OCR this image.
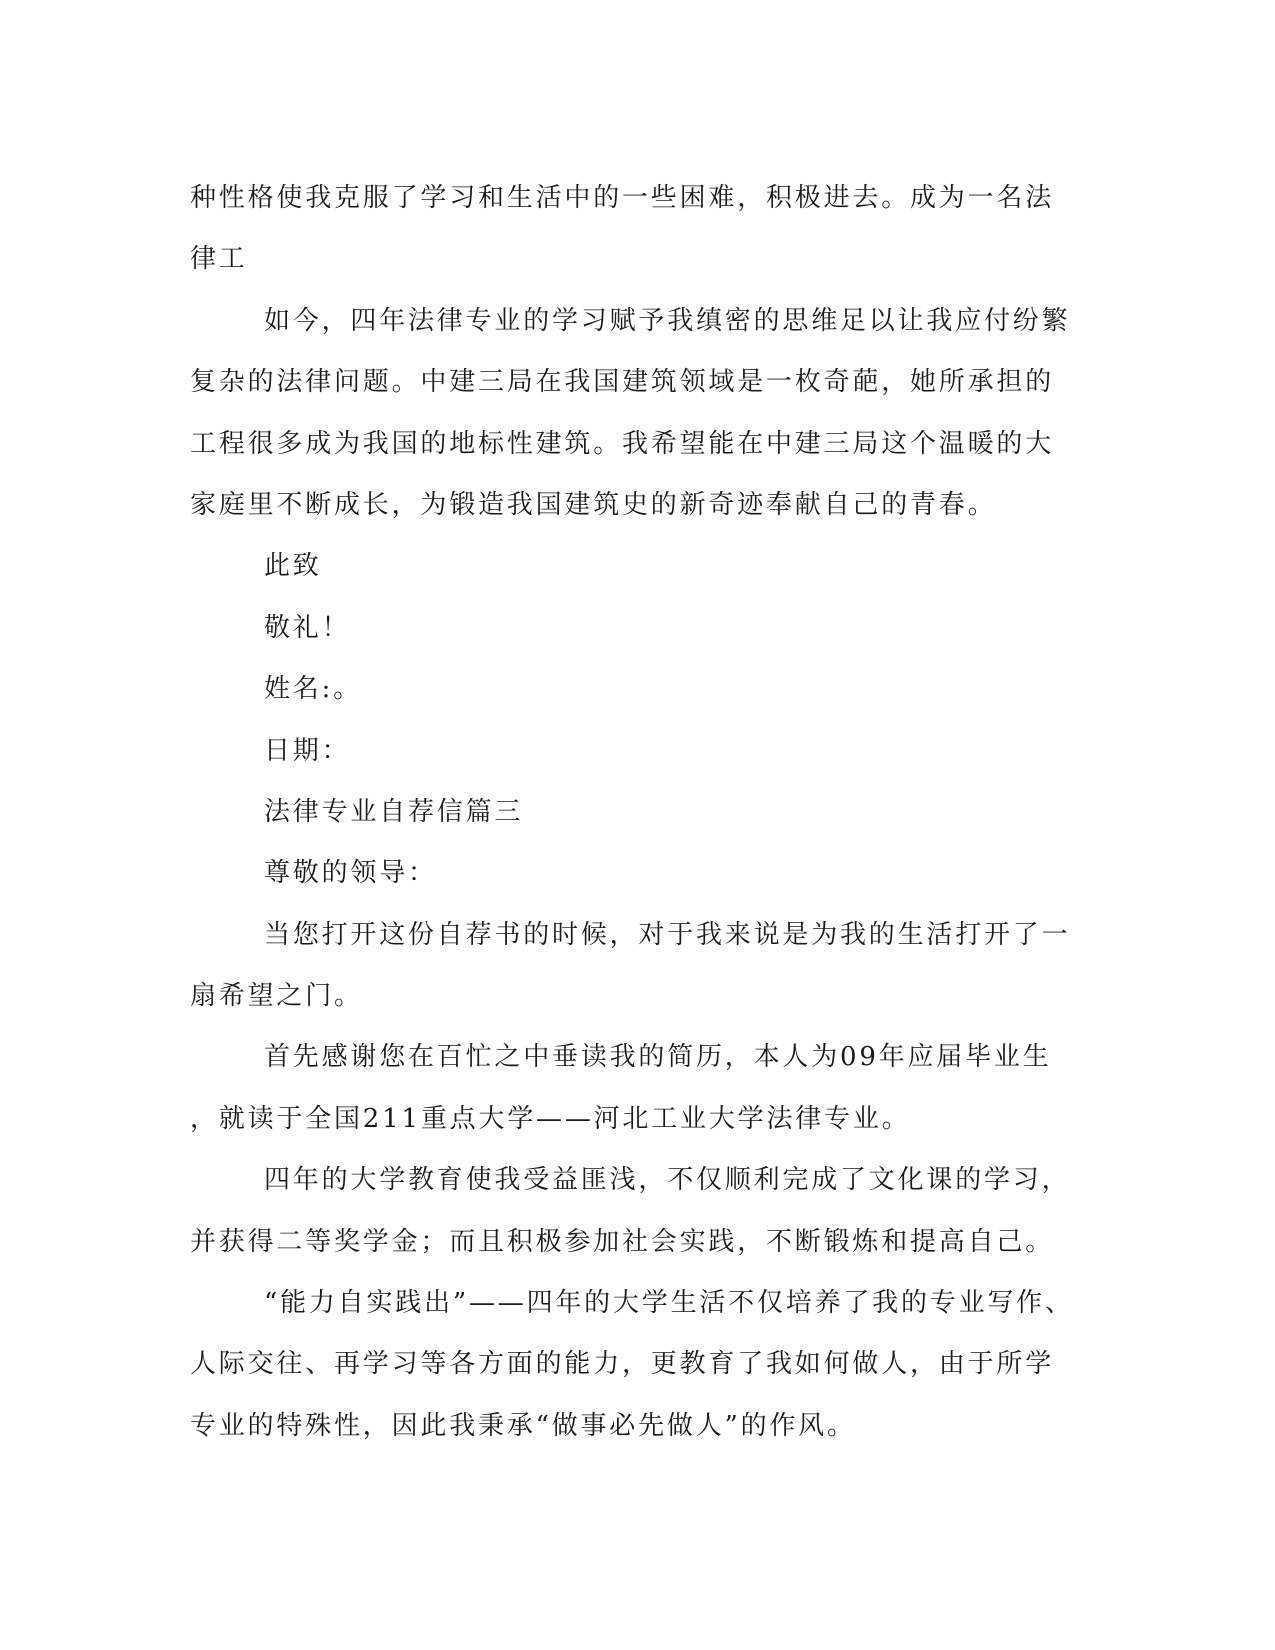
种性格使我克服了学习和生活中的一些困难，积极进去。成为一名法
律工
如今，四年法律专业的学习赋予我缜密的思维足以让我应付纷繁
复杂的法律问题。中建三局在我国建筑领域是一枚奇葩，她所承担的
工程很多成为我国的地标性建筑。我希望能在中建三局这个温暖的大
家庭里不断成长，为锻造我国建筑史的新奇迹奉献自己的青春。
此致
敬礼！
姓名:。
日期：
法律专业自荐信篇三
尊敬的领导：
当您打开这份自荐书的时候，对于我来说是为我的生活打开了一
扇希望之门。
首先感谢您在百忙之中垂读我的简历，本人为09年应届毕业生
，就读于全国211重点大学——河北工业大学法律专业。
四年的大学教育使我受益匪浅，不仅顺利完成了文化课的学习，
并获得二等奖学金；而且积极参加社会实践，不断锻炼和提高自己。
“能力自实践出”——四年的大学生活不仅培养了我的专业写作、
人际交往、再学习等各方面的能力，更教育了我如何做人，由于所学
专业的特殊性，因此我秉承“做事必先做人”的作风。
